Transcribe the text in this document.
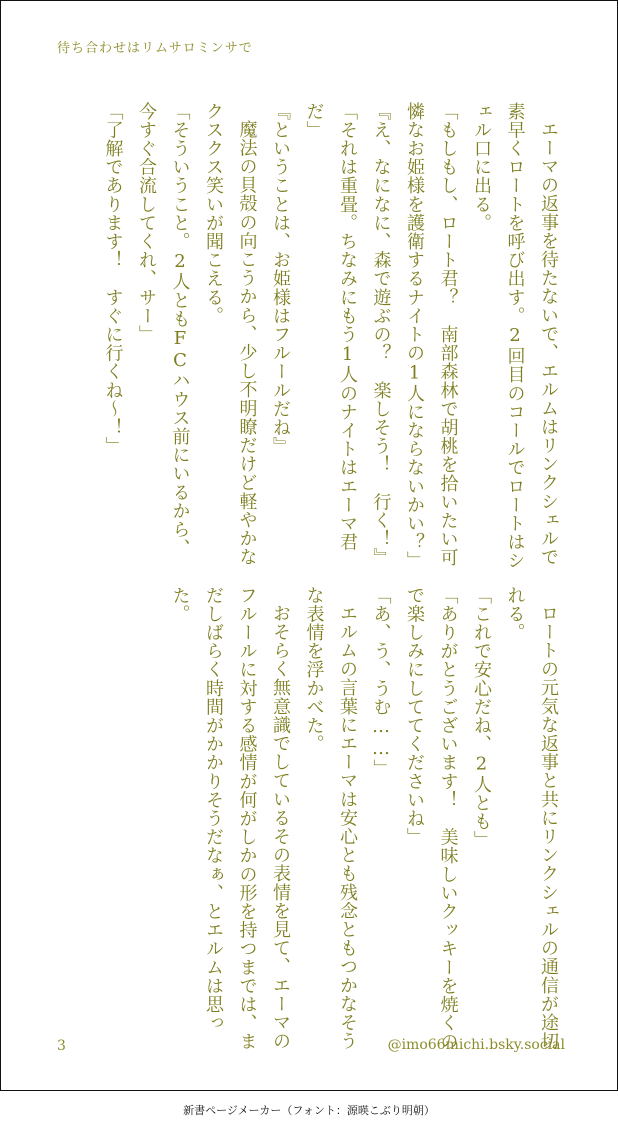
待ち合わせはリムサロミンサで

エーマの返事を待たないで、エルムはリンクシェルで素早くロートを呼び出す。2回目のコールでロートはシェル口に出る。

「もしもし、ロート君？　南部森林で胡桃を拾いたい可憐なお姫様を護衛するナイトの1人にならないかい？」

『え、なになに、森で遊ぶの？　楽しそう！　行く！』

「それは重畳。ちなみにもう1人のナイトはエーマ君だ」

『ということは、お姫様はフルールだね』

魔法の貝殻の向こうから、少し不明瞭だけど軽やかなクスクス笑いが聞こえる。

「そういうこと。2人ともFCハウス前にいるから、今すぐ合流してくれ、サー」

「了解であります！　すぐに行くね〜！」

ロートの元気な返事と共にリンクシェルの通信が途切れる。

「これで安心だね、2人とも」

「ありがとうございます！　美味しいクッキーを焼くので楽しみにしててくださいね」

「あ、う、うむ……」

エルムの言葉にエーマは安心とも残念ともつかなそうな表情を浮かべた。

おそらく無意識でしているその表情を見て、エーマのフルールに対する感情が何がしかの形を持つまでは、まだしばらく時間がかかりそうだなぁ、とエルムは思った。

3	@imo66michi.bsky.social
新書ページメーカー（フォント：源暎こぶり明朝）
